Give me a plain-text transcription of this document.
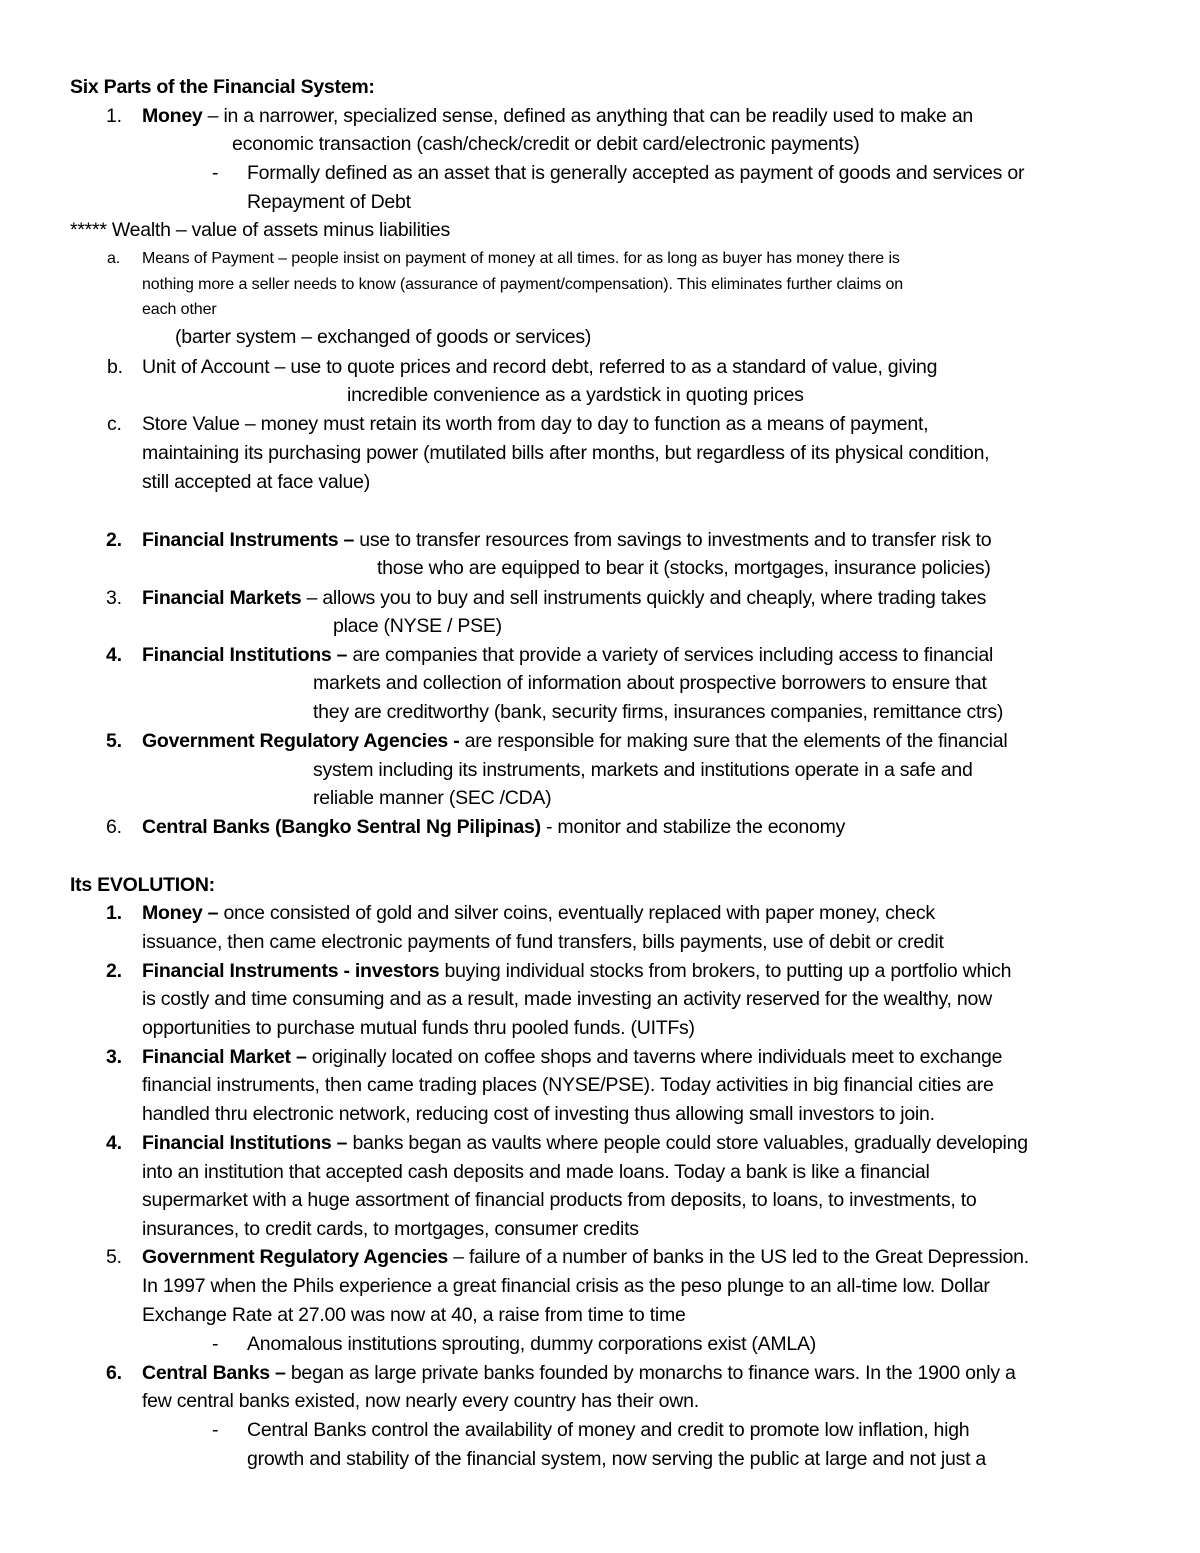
Six Parts of the Financial System:
1. Money – in a narrower, specialized sense, defined as anything that can be readily used to make an
economic transaction (cash/check/credit or debit card/electronic payments)
- Formally defined as an asset that is generally accepted as payment of goods and services or
Repayment of Debt
***** Wealth – value of assets minus liabilities
a. Means of Payment – people insist on payment of money at all times. for as long as buyer has money there is
nothing more a seller needs to know (assurance of payment/compensation). This eliminates further claims on
each other
(barter system – exchanged of goods or services)
b. Unit of Account – use to quote prices and record debt, referred to as a standard of value, giving
incredible convenience as a yardstick in quoting prices
c. Store Value – money must retain its worth from day to day to function as a means of payment,
maintaining its purchasing power (mutilated bills after months, but regardless of its physical condition,
still accepted at face value)
2. Financial Instruments – use to transfer resources from savings to investments and to transfer risk to
those who are equipped to bear it (stocks, mortgages, insurance policies)
3. Financial Markets – allows you to buy and sell instruments quickly and cheaply, where trading takes
place (NYSE / PSE)
4. Financial Institutions – are companies that provide a variety of services including access to financial
markets and collection of information about prospective borrowers to ensure that
they are creditworthy (bank, security firms, insurances companies, remittance ctrs)
5. Government Regulatory Agencies - are responsible for making sure that the elements of the financial
system including its instruments, markets and institutions operate in a safe and
reliable manner (SEC /CDA)
6. Central Banks (Bangko Sentral Ng Pilipinas) - monitor and stabilize the economy
Its EVOLUTION:
1. Money – once consisted of gold and silver coins, eventually replaced with paper money, check
issuance, then came electronic payments of fund transfers, bills payments, use of debit or credit
2. Financial Instruments - investors buying individual stocks from brokers, to putting up a portfolio which
is costly and time consuming and as a result, made investing an activity reserved for the wealthy, now
opportunities to purchase mutual funds thru pooled funds. (UITFs)
3. Financial Market – originally located on coffee shops and taverns where individuals meet to exchange
financial instruments, then came trading places (NYSE/PSE). Today activities in big financial cities are
handled thru electronic network, reducing cost of investing thus allowing small investors to join.
4. Financial Institutions – banks began as vaults where people could store valuables, gradually developing
into an institution that accepted cash deposits and made loans. Today a bank is like a financial
supermarket with a huge assortment of financial products from deposits, to loans, to investments, to
insurances, to credit cards, to mortgages, consumer credits
5. Government Regulatory Agencies – failure of a number of banks in the US led to the Great Depression.
In 1997 when the Phils experience a great financial crisis as the peso plunge to an all-time low. Dollar
Exchange Rate at 27.00 was now at 40, a raise from time to time
- Anomalous institutions sprouting, dummy corporations exist (AMLA)
6. Central Banks – began as large private banks founded by monarchs to finance wars. In the 1900 only a
few central banks existed, now nearly every country has their own.
- Central Banks control the availability of money and credit to promote low inflation, high
growth and stability of the financial system, now serving the public at large and not just a
